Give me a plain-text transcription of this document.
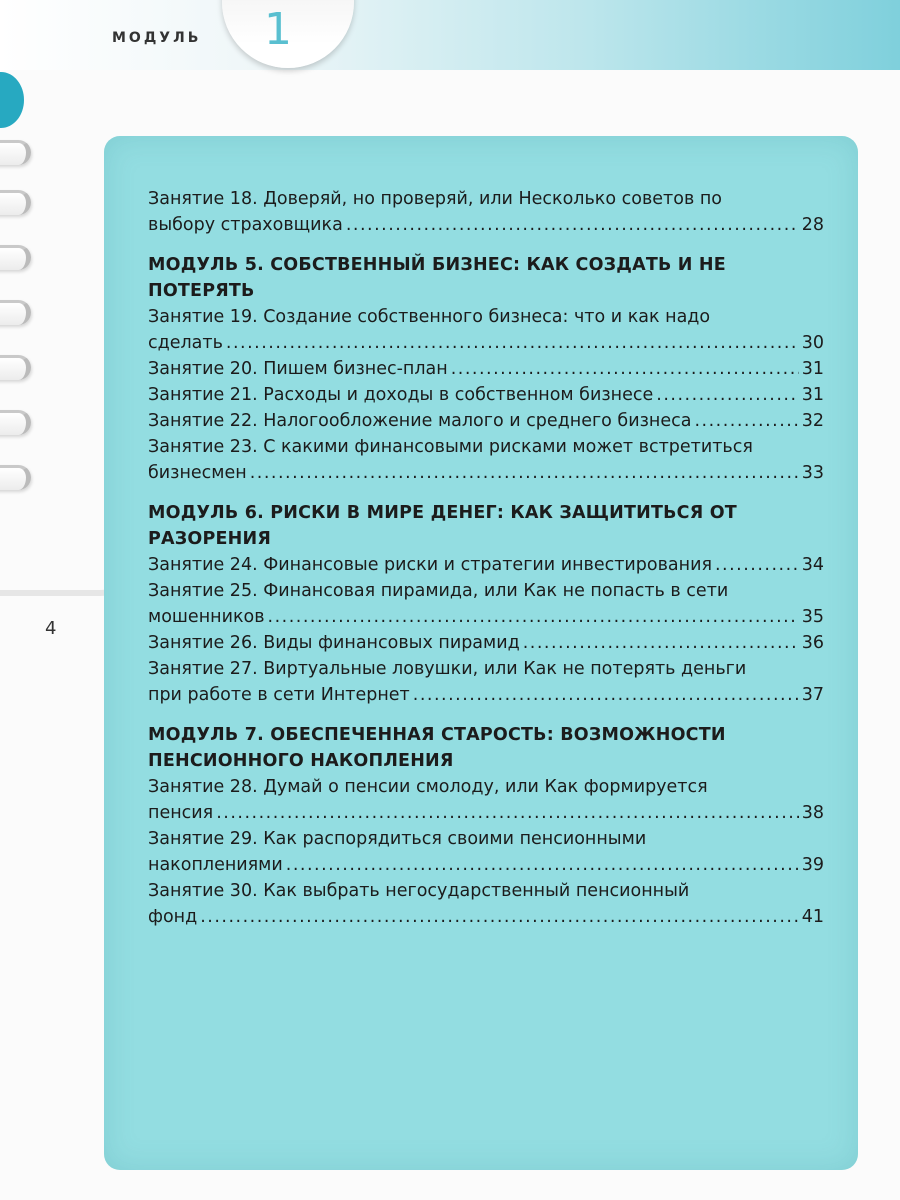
МОДУЛЬ 1
4
Занятие 18. Доверяй, но проверяй, или Несколько советов по
выбору страховщика .....	28
МОДУЛЬ 5. СОБСТВЕННЫЙ БИЗНЕС: КАК СОЗДАТЬ И НЕ ПОТЕРЯТЬ
Занятие 19. Создание собственного бизнеса: что и как надо
сделать .....	30
Занятие 20. Пишем бизнес-план .....	31
Занятие 21. Расходы и доходы в собственном бизнесе .....	31
Занятие 22. Налогообложение малого и среднего бизнеса .....	32
Занятие 23. С какими финансовыми рисками может встретиться
бизнесмен .....	33
МОДУЛЬ 6. РИСКИ В МИРЕ ДЕНЕГ: КАК ЗАЩИТИТЬСЯ ОТ РАЗОРЕНИЯ
Занятие 24. Финансовые риски и стратегии инвестирования .....	34
Занятие 25. Финансовая пирамида, или Как не попасть в сети
мошенников .....	35
Занятие 26. Виды финансовых пирамид .....	36
Занятие 27. Виртуальные ловушки, или Как не потерять деньги
при работе в сети Интернет .....	37
МОДУЛЬ 7. ОБЕСПЕЧЕННАЯ СТАРОСТЬ: ВОЗМОЖНОСТИ ПЕНСИОННОГО НАКОПЛЕНИЯ
Занятие 28. Думай о пенсии смолоду, или Как формируется
пенсия .....	38
Занятие 29. Как распорядиться своими пенсионными
накоплениями .....	39
Занятие 30. Как выбрать негосударственный пенсионный
фонд .....	41
